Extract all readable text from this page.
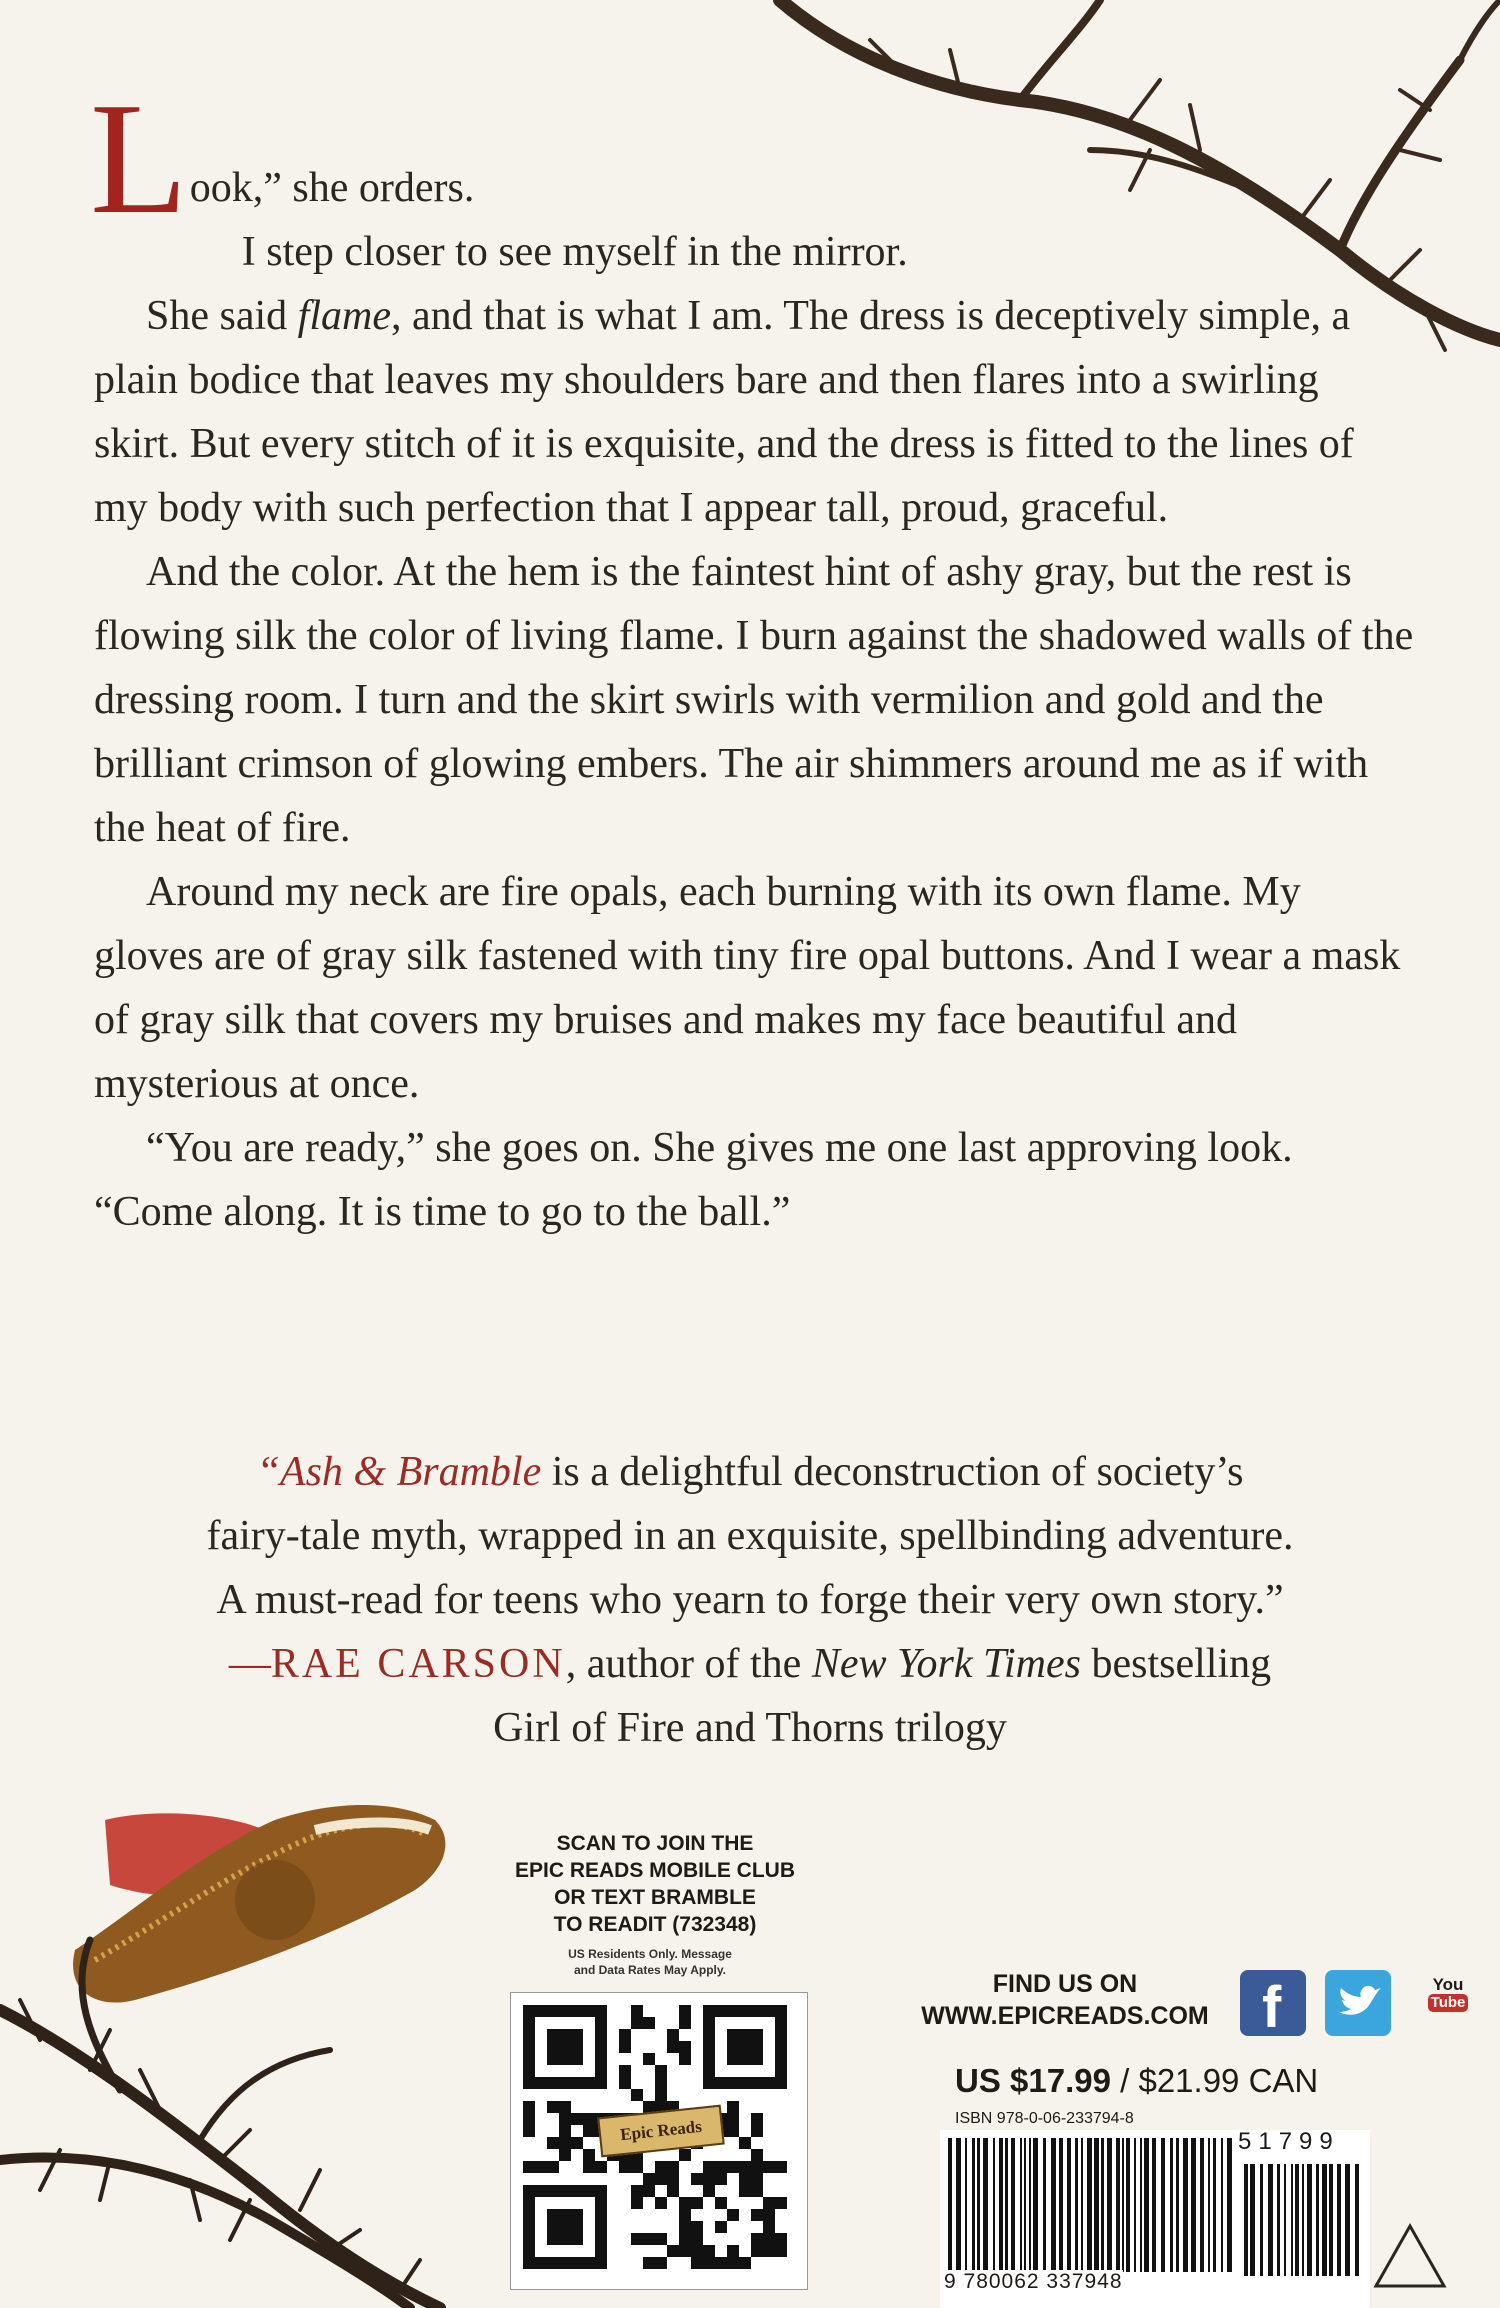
Look,” she orders.

I step closer to see myself in the mirror.

She said flame, and that is what I am. The dress is deceptively simple, a plain bodice that leaves my shoulders bare and then flares into a swirling skirt. But every stitch of it is exquisite, and the dress is fitted to the lines of my body with such perfection that I appear tall, proud, graceful.

And the color. At the hem is the faintest hint of ashy gray, but the rest is flowing silk the color of living flame. I burn against the shadowed walls of the dressing room. I turn and the skirt swirls with vermilion and gold and the brilliant crimson of glowing embers. The air shimmers around me as if with the heat of fire.

Around my neck are fire opals, each burning with its own flame. My gloves are of gray silk fastened with tiny fire opal buttons. And I wear a mask of gray silk that covers my bruises and makes my face beautiful and mysterious at once.

“You are ready,” she goes on. She gives me one last approving look. “Come along. It is time to go to the ball.”

“Ash & Bramble is a delightful deconstruction of society’s
fairy-tale myth, wrapped in an exquisite, spellbinding adventure.
A must-read for teens who yearn to forge their very own story.”
—RAE CARSON, author of the New York Times bestselling
Girl of Fire and Thorns trilogy
SCAN TO JOIN THE
EPIC READS MOBILE CLUB
OR TEXT BRAMBLE
TO READIT (732348)
US Residents Only. Message
and Data Rates May Apply.
Epic Reads
FIND US ON
WWW.EPICREADS.COM f	You
Tube
US $17.99 / $21.99 CAN
ISBN 978-0-06-233794-8
51799
9 780062 337948
